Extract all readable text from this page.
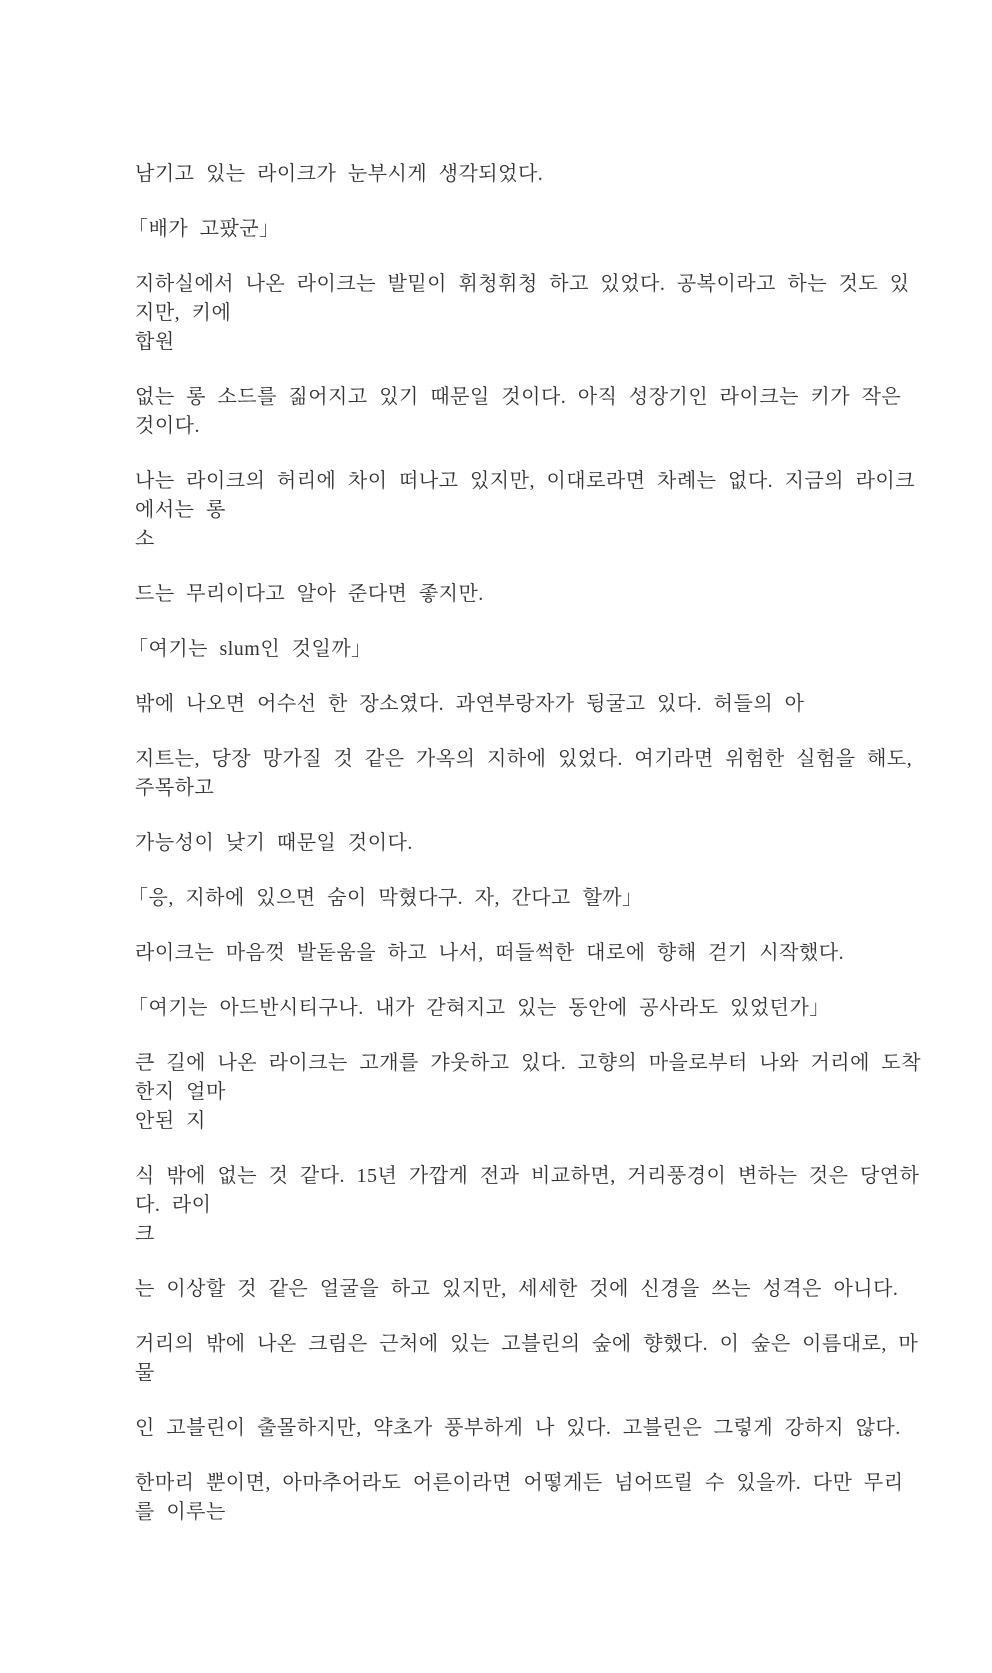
남기고 있는 라이크가 눈부시게 생각되었다.

「배가 고팠군」

지하실에서 나온 라이크는 발밑이 휘청휘청 하고 있었다. 공복이라고 하는 것도 있지만, 키에
합원

없는 롱 소드를 짊어지고 있기 때문일 것이다. 아직 성장기인 라이크는 키가 작은 것이다.

나는 라이크의 허리에 차이 떠나고 있지만, 이대로라면 차례는 없다. 지금의 라이크에서는 롱
소

드는 무리이다고 알아 준다면 좋지만.

「여기는 slum인 것일까」

밖에 나오면 어수선 한 장소였다. 과연부랑자가 뒹굴고 있다. 허들의 아

지트는, 당장 망가질 것 같은 가옥의 지하에 있었다. 여기라면 위험한 실험을 해도, 주목하고

가능성이 낮기 때문일 것이다.

「응, 지하에 있으면 숨이 막혔다구. 자, 간다고 할까」

라이크는 마음껏 발돋움을 하고 나서, 떠들썩한 대로에 향해 걷기 시작했다.

「여기는 아드반시티구나. 내가 갇혀지고 있는 동안에 공사라도 있었던가」

큰 길에 나온 라이크는 고개를 갸웃하고 있다. 고향의 마을로부터 나와 거리에 도착한지 얼마
안된 지

식 밖에 없는 것 같다. 15년 가깝게 전과 비교하면, 거리풍경이 변하는 것은 당연하다. 라이
크

는 이상할 것 같은 얼굴을 하고 있지만, 세세한 것에 신경을 쓰는 성격은 아니다.

거리의 밖에 나온 크림은 근처에 있는 고블린의 숲에 향했다. 이 숲은 이름대로, 마물

인 고블린이 출몰하지만, 약초가 풍부하게 나 있다. 고블린은 그렇게 강하지 않다.

한마리 뿐이면, 아마추어라도 어른이라면 어떻게든 넘어뜨릴 수 있을까. 다만 무리를 이루는
